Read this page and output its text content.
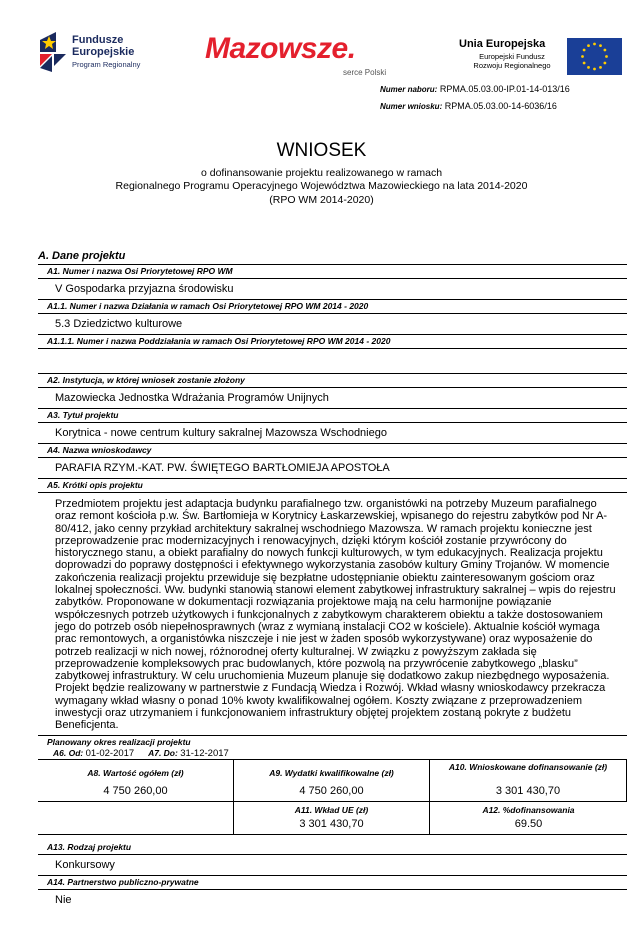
Fundusze
Europejskie
Program Regionalny Mazowsze.
serce Polski
Unia Europejska
Europejski Fundusz
Rozwoju Regionalnego
Numer naboru: RPMA.05.03.00-IP.01-14-013/16
Numer wniosku: RPMA.05.03.00-14-6036/16
WNIOSEK
o dofinansowanie projektu realizowanego w ramach
Regionalnego Programu Operacyjnego Województwa Mazowieckiego na lata 2014-2020
(RPO WM 2014-2020)
A. Dane projektu
A1. Numer i nazwa Osi Priorytetowej RPO WM
V Gospodarka przyjazna środowisku
A1.1. Numer i nazwa Działania w ramach Osi Priorytetowej RPO WM 2014 - 2020
5.3 Dziedzictwo kulturowe
A1.1.1. Numer i nazwa Poddziałania w ramach Osi Priorytetowej RPO WM 2014 - 2020
A2. Instytucja, w której wniosek zostanie złożony
Mazowiecka Jednostka Wdrażania Programów Unijnych
A3. Tytuł projektu
Korytnica - nowe centrum kultury sakralnej Mazowsza Wschodniego
A4. Nazwa wnioskodawcy
PARAFIA RZYM.-KAT. PW. ŚWIĘTEGO BARTŁOMIEJA APOSTOŁA
A5. Krótki opis projektu
Przedmiotem projektu jest adaptacja budynku parafialnego tzw. organistówki na potrzeby Muzeum parafialnego oraz remont kościoła p.w. Św. Bartłomieja w Korytnicy Łaskarzewskiej, wpisanego do rejestru zabytków pod Nr A-80/412, jako cenny przykład architektury sakralnej wschodniego Mazowsza. W ramach projektu konieczne jest przeprowadzenie prac modernizacyjnych i renowacyjnych, dzięki którym kościół zostanie przywrócony do historycznego stanu, a obiekt parafialny do nowych funkcji kulturowych, w tym edukacyjnych. Realizacja projektu doprowadzi do poprawy dostępności i efektywnego wykorzystania zasobów kultury Gminy Trojanów. W momencie zakończenia realizacji projektu przewiduje się bezpłatne udostępnianie obiektu zainteresowanym gościom oraz lokalnej społeczności. Ww. budynki stanowią stanowi element zabytkowej infrastruktury sakralnej – wpis do rejestru zabytków. Proponowane w dokumentacji rozwiązania projektowe mają na celu harmonijne powiązanie współczesnych potrzeb użytkowych i funkcjonalnych z zabytkowym charakterem obiektu a także dostosowaniem jego do potrzeb osób niepełnosprawnych (wraz z wymianą instalacji CO2 w kościele). Aktualnie kościół wymaga prac remontowych, a organistówka niszczeje i nie jest w żaden sposób wykorzystywane) oraz wyposażenie do potrzeb realizacji w nich nowej, różnorodnej oferty kulturalnej. W związku z powyższym zakłada się przeprowadzenie kompleksowych prac budowlanych, które pozwolą na przywrócenie zabytkowego „blasku” zabytkowej infrastruktury. W celu uruchomienia Muzeum planuje się dodatkowo zakup niezbędnego wyposażenia. Projekt będzie realizowany w partnerstwie z Fundacją Wiedza i Rozwój. Wkład własny wnioskodawcy przekracza wymagany wkład własny o ponad 10% kwoty kwalifikowalnej ogółem. Koszty związane z przeprowadzeniem inwestycji oraz utrzymaniem i funkcjonowaniem infrastruktury objętej projektem zostaną pokryte z budżetu Beneficjenta.
Planowany okres realizacji projektu
A6. Od: 01-02-2017 A7. Do: 31-12-2017
A8. Wartość ogółem (zł)
4 750 260,00
A9. Wydatki kwalifikowalne (zł)
4 750 260,00
A10. Wnioskowane dofinansowanie (zł)
3 301 430,70
A11. Wkład UE (zł)
3 301 430,70
A12. %dofinansowania
69.50
A13. Rodzaj projektu
Konkursowy
A14. Partnerstwo publiczno-prywatne
Nie
